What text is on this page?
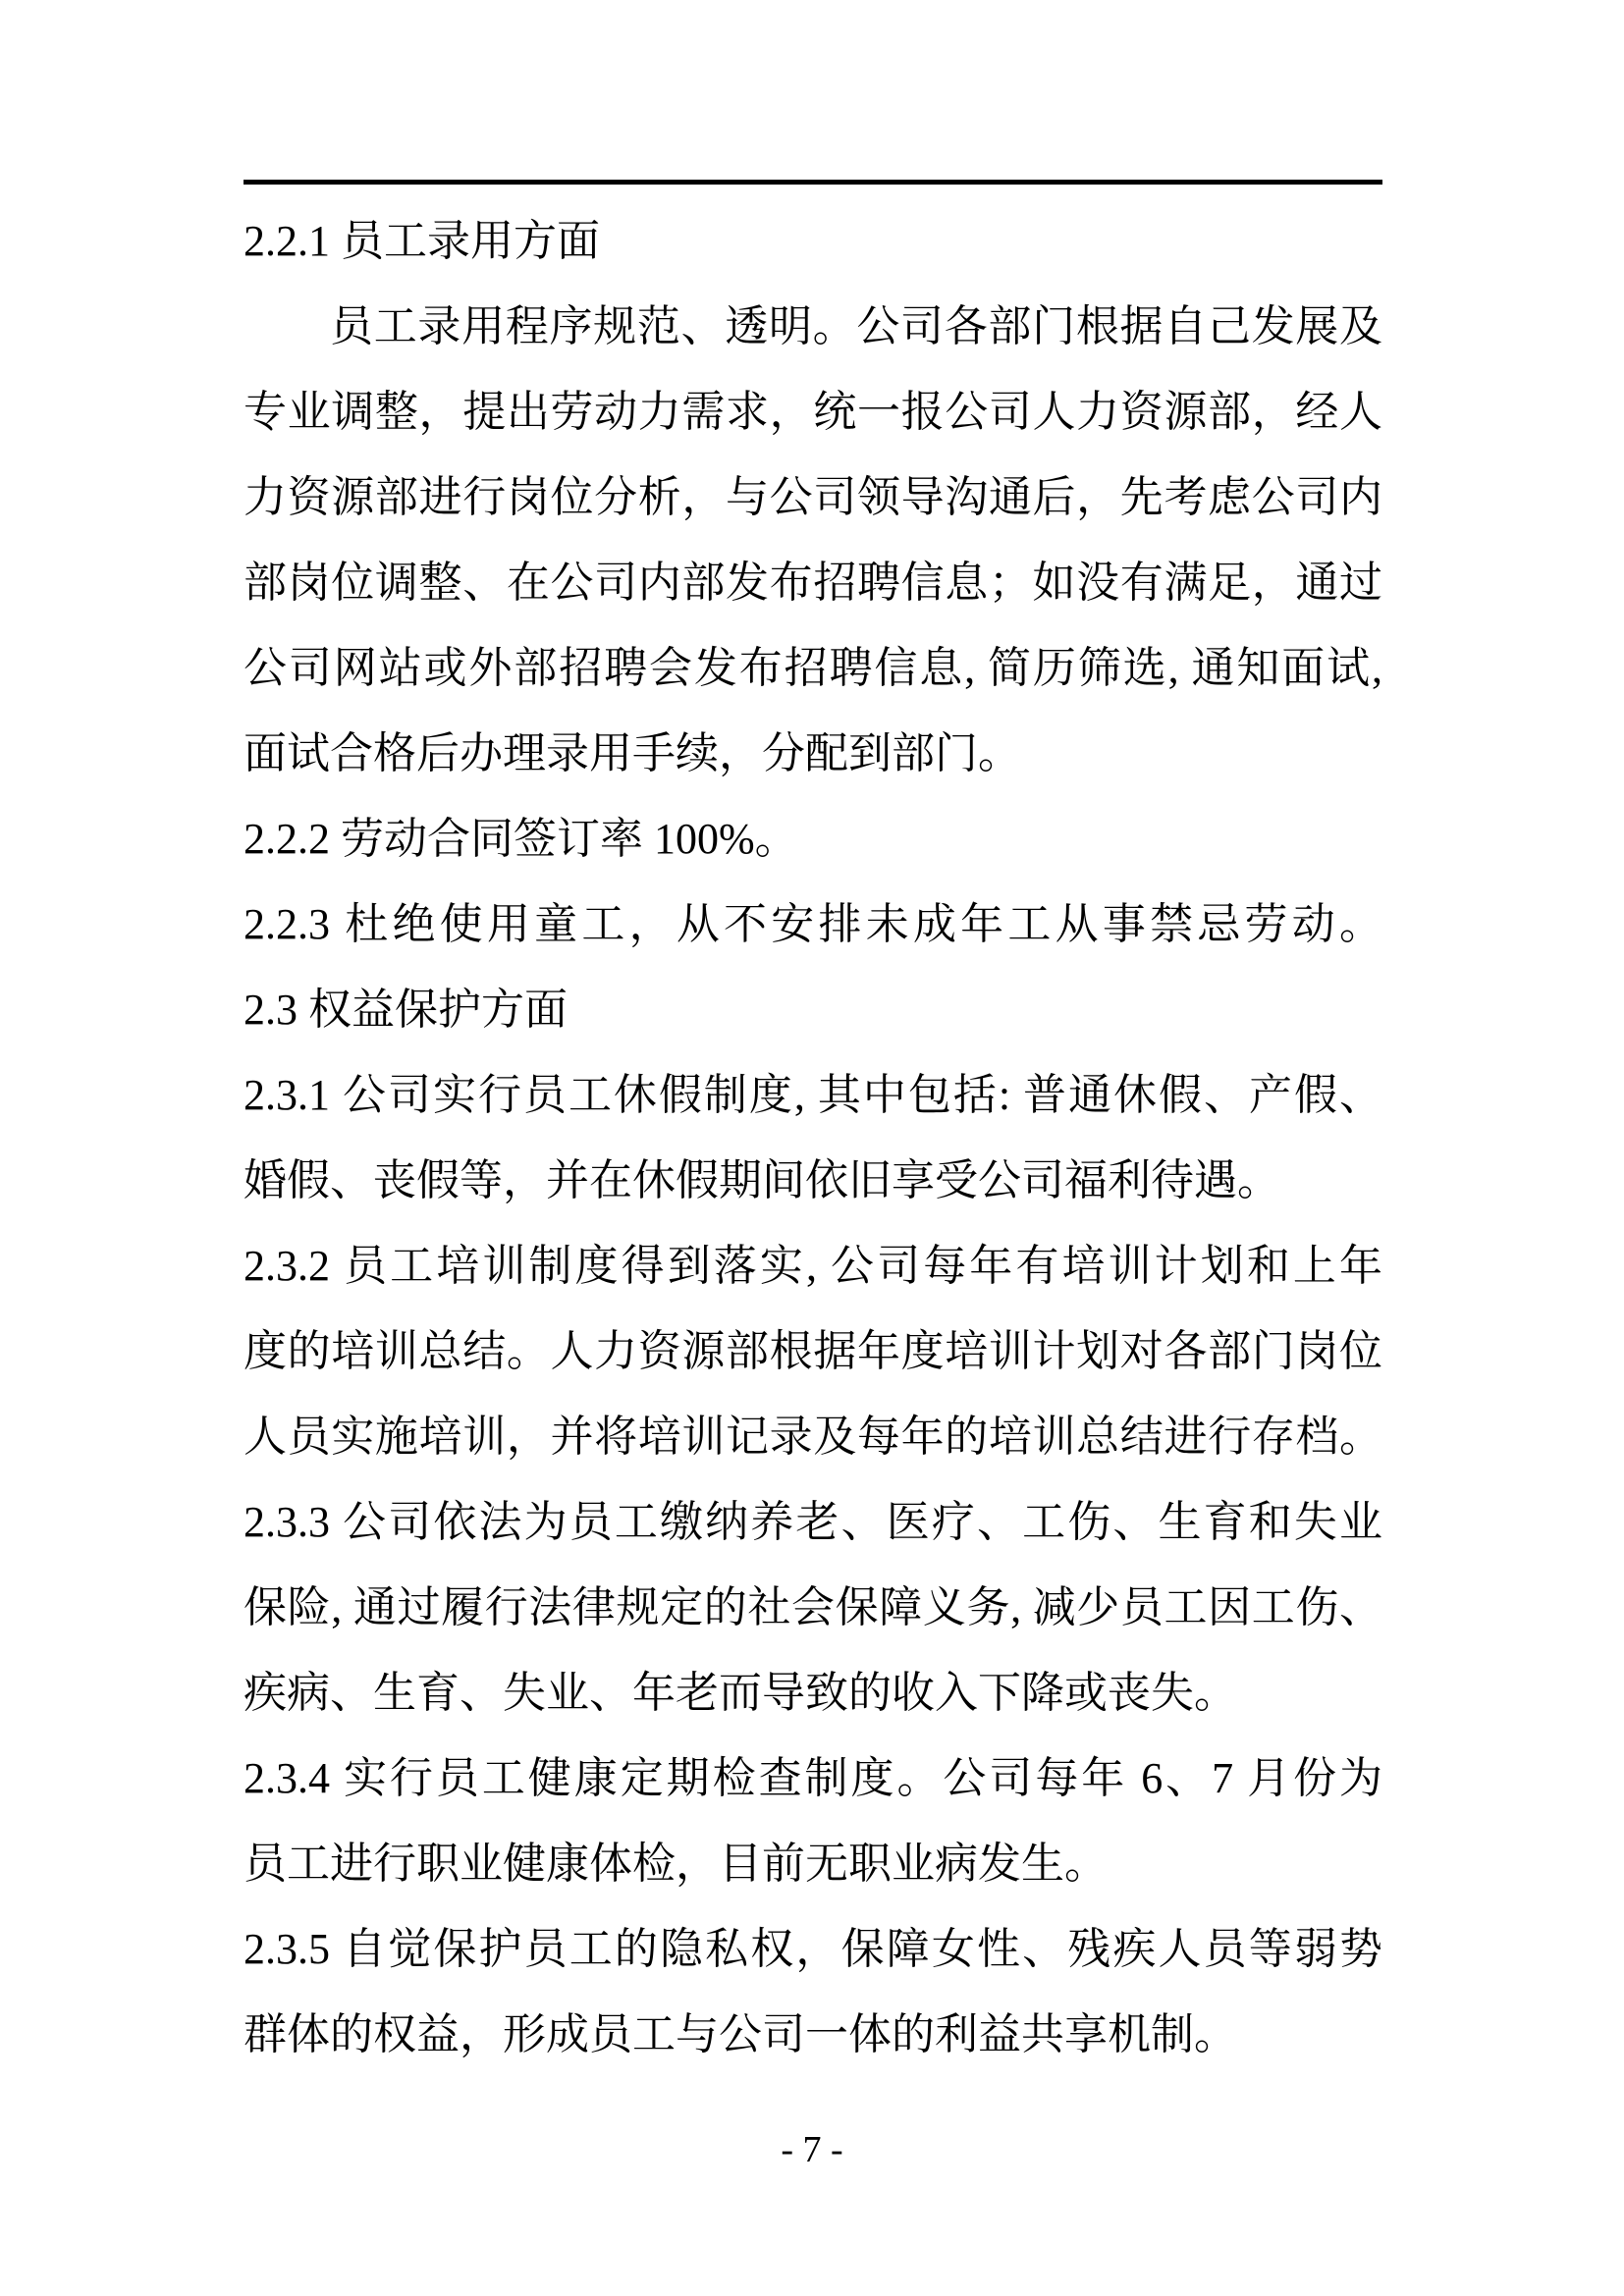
2.2.1 员工录用方面
员工录用程序规范、透明。公司各部门根据自己发展及
专业调整，提出劳动力需求，统一报公司人力资源部，经人
力资源部进行岗位分析，与公司领导沟通后，先考虑公司内
部岗位调整、在公司内部发布招聘信息；如没有满足，通过
公司网站或外部招聘会发布招聘信息, 简历筛选, 通知面试,
面试合格后办理录用手续，分配到部门。
2.2.2 劳动合同签订率 100%。
2.2.3 杜绝使用童工，从不安排未成年工从事禁忌劳动。
2.3 权益保护方面
2.3.1 公司实行员工休假制度, 其中包括: 普通休假、产假、
婚假、丧假等，并在休假期间依旧享受公司福利待遇。
2.3.2 员工培训制度得到落实, 公司每年有培训计划和上年
度的培训总结。人力资源部根据年度培训计划对各部门岗位
人员实施培训，并将培训记录及每年的培训总结进行存档。
2.3.3 公司依法为员工缴纳养老、医疗、工伤、生育和失业
保险, 通过履行法律规定的社会保障义务, 减少员工因工伤、
疾病、生育、失业、年老而导致的收入下降或丧失。
2.3.4 实行员工健康定期检查制度。公司每年 6、7 月份为
员工进行职业健康体检，目前无职业病发生。
2.3.5 自觉保护员工的隐私权，保障女性、残疾人员等弱势
群体的权益，形成员工与公司一体的利益共享机制。
- 7 -
